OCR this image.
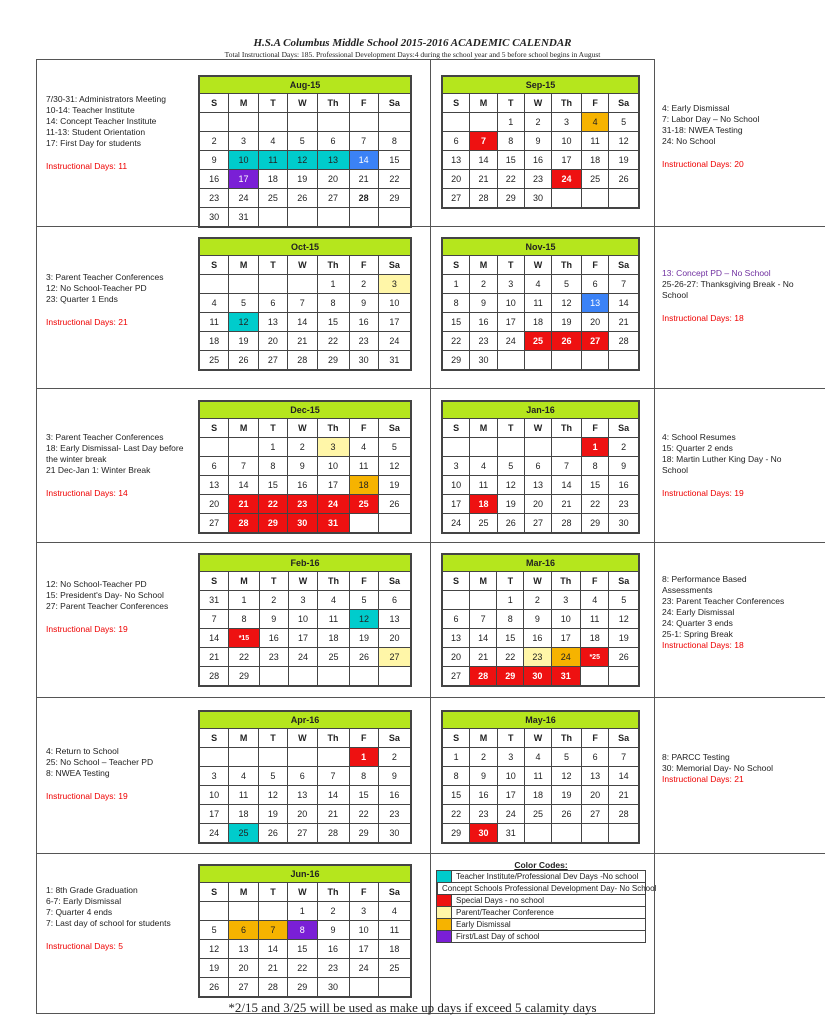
H.S.A Columbus Middle School 2015-2016 ACADEMIC CALENDAR
Total Instructional Days: 185. Professional Development Days:4 during the school year and 5 before school begins in August
7/30-31: Administrators Meeting
10-14: Teacher Institute
14: Concept Teacher Institute
11-13: Student Orientation
17: First Day for students
Instructional Days: 11
3: Parent Teacher Conferences
12: No School-Teacher PD
23: Quarter 1 Ends
Instructional Days: 21
3: Parent Teacher Conferences
18: Early Dismissal- Last Day before the winter break
21 Dec-Jan 1: Winter Break
Instructional Days: 14
12: No School-Teacher PD
15: President's Day- No School
27: Parent Teacher Conferences
Instructional Days: 19
4: Return to School
25: No School – Teacher PD
8: NWEA Testing
Instructional Days: 19
1: 8th Grade Graduation
6-7: Early Dismissal
7: Quarter 4 ends
7: Last day of school for students
Instructional Days: 5
4: Early Dismissal
7: Labor Day – No School
31-18: NWEA Testing
24: No School
Instructional Days: 20
13: Concept PD – No School
25-26-27: Thanksgiving Break - No School
Instructional Days: 18
4: School Resumes
15: Quarter 2 ends
18: Martin Luther King Day - No School
Instructional Days: 19
8: Performance Based Assessments
23: Parent Teacher Conferences
24: Early Dismissal
24: Quarter 3 ends
25-1: Spring Break
Instructional Days: 18
8: PARCC Testing
30: Memorial Day- No School
Instructional Days: 21
Aug-15						
S	M	T	W	Th	F	Sa

2	3	4	5	6	7	8
9	10	11	12	13	14	15
16	17	18	19	20	21	22
23	24	25	26	27	28	29
30	31					
Sep-15						
S	M	T	W	Th	F	Sa
		1	2	3	4	5
6	7	8	9	10	11	12
13	14	15	16	17	18	19
20	21	22	23	24	25	26
27	28	29	30			
Oct-15						
S	M	T	W	Th	F	Sa
				1	2	3
4	5	6	7	8	9	10
11	12	13	14	15	16	17
18	19	20	21	22	23	24
25	26	27	28	29	30	31
Nov-15						
S	M	T	W	Th	F	Sa
1	2	3	4	5	6	7
8	9	10	11	12	13	14
15	16	17	18	19	20	21
22	23	24	25	26	27	28
29	30					
Dec-15						
S	M	T	W	Th	F	Sa
		1	2	3	4	5
6	7	8	9	10	11	12
13	14	15	16	17	18	19
20	21	22	23	24	25	26
27	28	29	30	31		
Jan-16						
S	M	T	W	Th	F	Sa
					1	2
3	4	5	6	7	8	9
10	11	12	13	14	15	16
17	18	19	20	21	22	23
24	25	26	27	28	29	30
Feb-16						
S	M	T	W	Th	F	Sa
31	1	2	3	4	5	6
7	8	9	10	11	12	13
14	*15	16	17	18	19	20
21	22	23	24	25	26	27
28	29					
Mar-16						
S	M	T	W	Th	F	Sa
		1	2	3	4	5
6	7	8	9	10	11	12
13	14	15	16	17	18	19
20	21	22	23	24	*25	26
27	28	29	30	31		
Apr-16						
S	M	T	W	Th	F	Sa
					1	2
3	4	5	6	7	8	9
10	11	12	13	14	15	16
17	18	19	20	21	22	23
24	25	26	27	28	29	30
May-16						
S	M	T	W	Th	F	Sa
1	2	3	4	5	6	7
8	9	10	11	12	13	14
15	16	17	18	19	20	21
22	23	24	25	26	27	28
29	30	31				
Jun-16						
S	M	T	W	Th	F	Sa
			1	2	3	4
5	6	7	8	9	10	11
12	13	14	15	16	17	18
19	20	21	22	23	24	25
26	27	28	29	30		
Color Codes:
Teacher Institute/Professional Dev Days -No school
Concept Schools Professional Development Day- No School
Special Days - no school
Parent/Teacher Conference
Early Dismissal
First/Last Day of school
*2/15 and 3/25 will be used as make up days if exceed 5 calamity days
